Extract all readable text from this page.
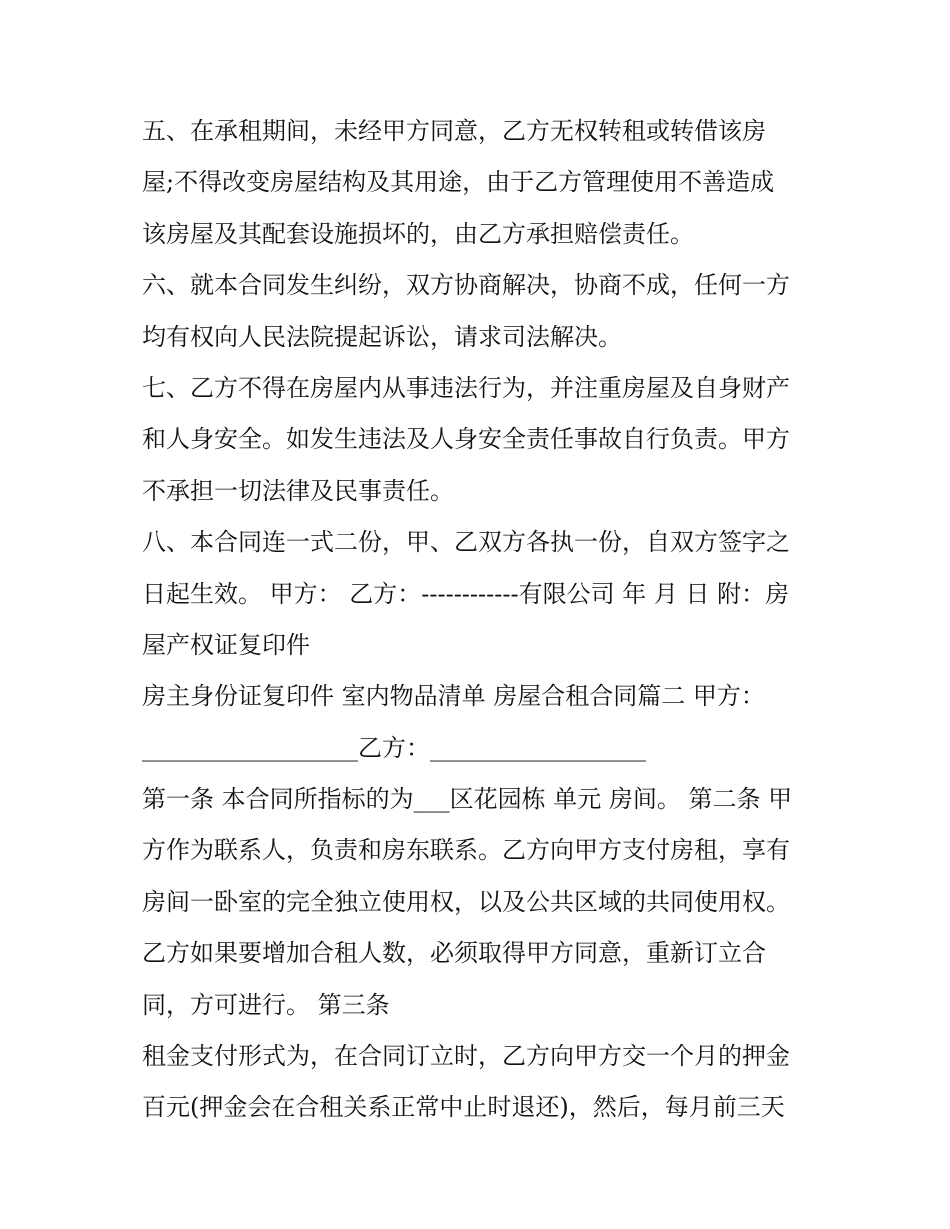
五、在承租期间，未经甲方同意，乙方无权转租或转借该房
屋;不得改变房屋结构及其用途，由于乙方管理使用不善造成
该房屋及其配套设施损坏的，由乙方承担赔偿责任。
六、就本合同发生纠纷，双方协商解决，协商不成，任何一方
均有权向人民法院提起诉讼，请求司法解决。
七、乙方不得在房屋内从事违法行为，并注重房屋及自身财产
和人身安全。如发生违法及人身安全责任事故自行负责。甲方
不承担一切法律及民事责任。
八、本合同连一式二份，甲、乙双方各执一份，自双方签字之
日起生效。 甲方： 乙方：------------有限公司 年 月 日 附：房
屋产权证复印件
房主身份证复印件 室内物品清单 房屋合租合同篇二 甲方：
__________________乙方：__________________
第一条 本合同所指标的为___区花园栋 单元 房间。 第二条 甲
方作为联系人，负责和房东联系。乙方向甲方支付房租，享有
房间一卧室的完全独立使用权，以及公共区域的共同使用权。
乙方如果要增加合租人数，必须取得甲方同意，重新订立合
同，方可进行。 第三条
租金支付形式为，在合同订立时，乙方向甲方交一个月的押金
百元(押金会在合租关系正常中止时退还)，然后，每月前三天
